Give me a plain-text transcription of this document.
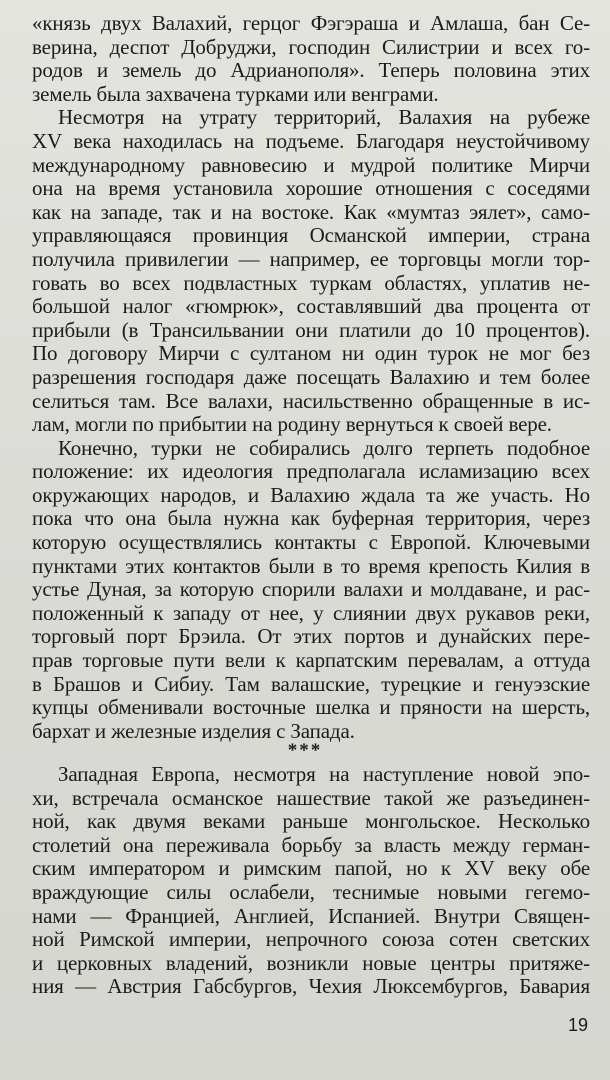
«князь двух Валахий, герцог Фэгэраша и Амлаша, бан Се-
верина, деспот Добруджи, господин Силистрии и всех го-
родов и земель до Адрианополя». Теперь половина этих
земель была захвачена турками или венграми.
Несмотря на утрату территорий, Валахия на рубеже
XV века находилась на подъеме. Благодаря неустойчивому
международному равновесию и мудрой политике Мирчи
она на время установила хорошие отношения с соседями
как на западе, так и на востоке. Как «мумтаз эялет», само-
управляющаяся провинция Османской империи, страна
получила привилегии — например, ее торговцы могли тор-
говать во всех подвластных туркам областях, уплатив не-
большой налог «гюмрюк», составлявший два процента от
прибыли (в Трансильвании они платили до 10 процентов).
По договору Мирчи с султаном ни один турок не мог без
разрешения господаря даже посещать Валахию и тем более
селиться там. Все валахи, насильственно обращенные в ис-
лам, могли по прибытии на родину вернуться к своей вере.
Конечно, турки не собирались долго терпеть подобное
положение: их идеология предполагала исламизацию всех
окружающих народов, и Валахию ждала та же участь. Но
пока что она была нужна как буферная территория, через
которую осуществлялись контакты с Европой. Ключевыми
пунктами этих контактов были в то время крепость Килия в
устье Дуная, за которую спорили валахи и молдаване, и рас-
положенный к западу от нее, у слиянии двух рукавов реки,
торговый порт Брэила. От этих портов и дунайских пере-
прав торговые пути вели к карпатским перевалам, а оттуда
в Брашов и Сибиу. Там валашские, турецкие и генуэзские
купцы обменивали восточные шелка и пряности на шерсть,
бархат и железные изделия с Запада.
***
Западная Европа, несмотря на наступление новой эпо-
хи, встречала османское нашествие такой же разъединен-
ной, как двумя веками раньше монгольское. Несколько
столетий она переживала борьбу за власть между герман-
ским императором и римским папой, но к XV веку обе
враждующие силы ослабели, теснимые новыми гегемо-
нами — Францией, Англией, Испанией. Внутри Священ-
ной Римской империи, непрочного союза сотен светских
и церковных владений, возникли новые центры притяже-
ния — Австрия Габсбургов, Чехия Люксембургов, Бавария
19
